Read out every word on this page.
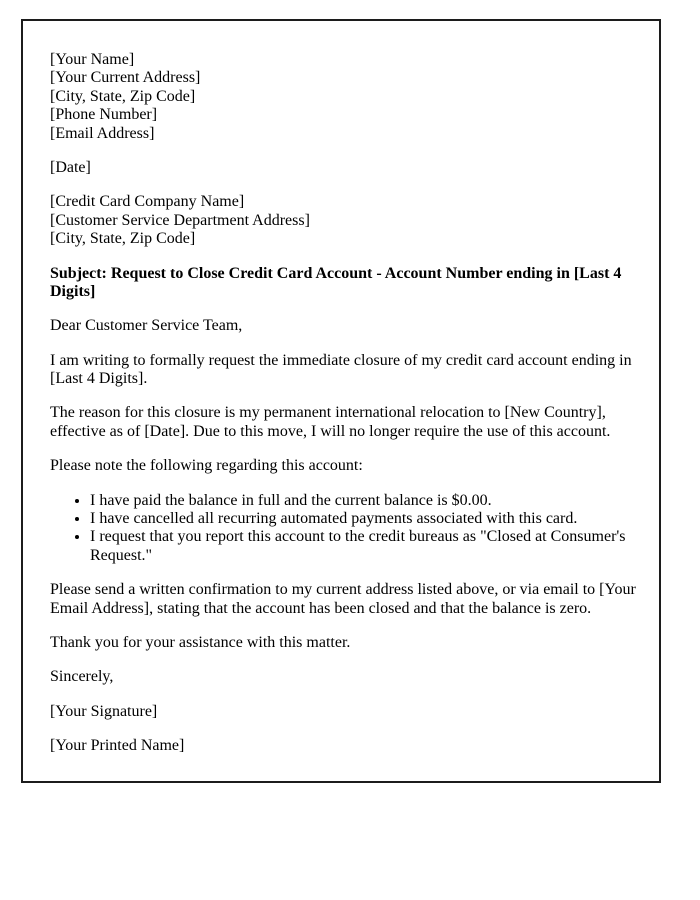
[Your Name]
[Your Current Address]
[City, State, Zip Code]
[Phone Number]
[Email Address]

[Date]

[Credit Card Company Name]
[Customer Service Department Address]
[City, State, Zip Code]

Subject: Request to Close Credit Card Account - Account Number ending in [Last 4 Digits]

Dear Customer Service Team,

I am writing to formally request the immediate closure of my credit card account ending in [Last 4 Digits].

The reason for this closure is my permanent international relocation to [New Country], effective as of [Date]. Due to this move, I will no longer require the use of this account.

Please note the following regarding this account:

• I have paid the balance in full and the current balance is $0.00.
• I have cancelled all recurring automated payments associated with this card.
• I request that you report this account to the credit bureaus as "Closed at Consumer's Request."

Please send a written confirmation to my current address listed above, or via email to [Your Email Address], stating that the account has been closed and that the balance is zero.

Thank you for your assistance with this matter.

Sincerely,

[Your Signature]

[Your Printed Name]
